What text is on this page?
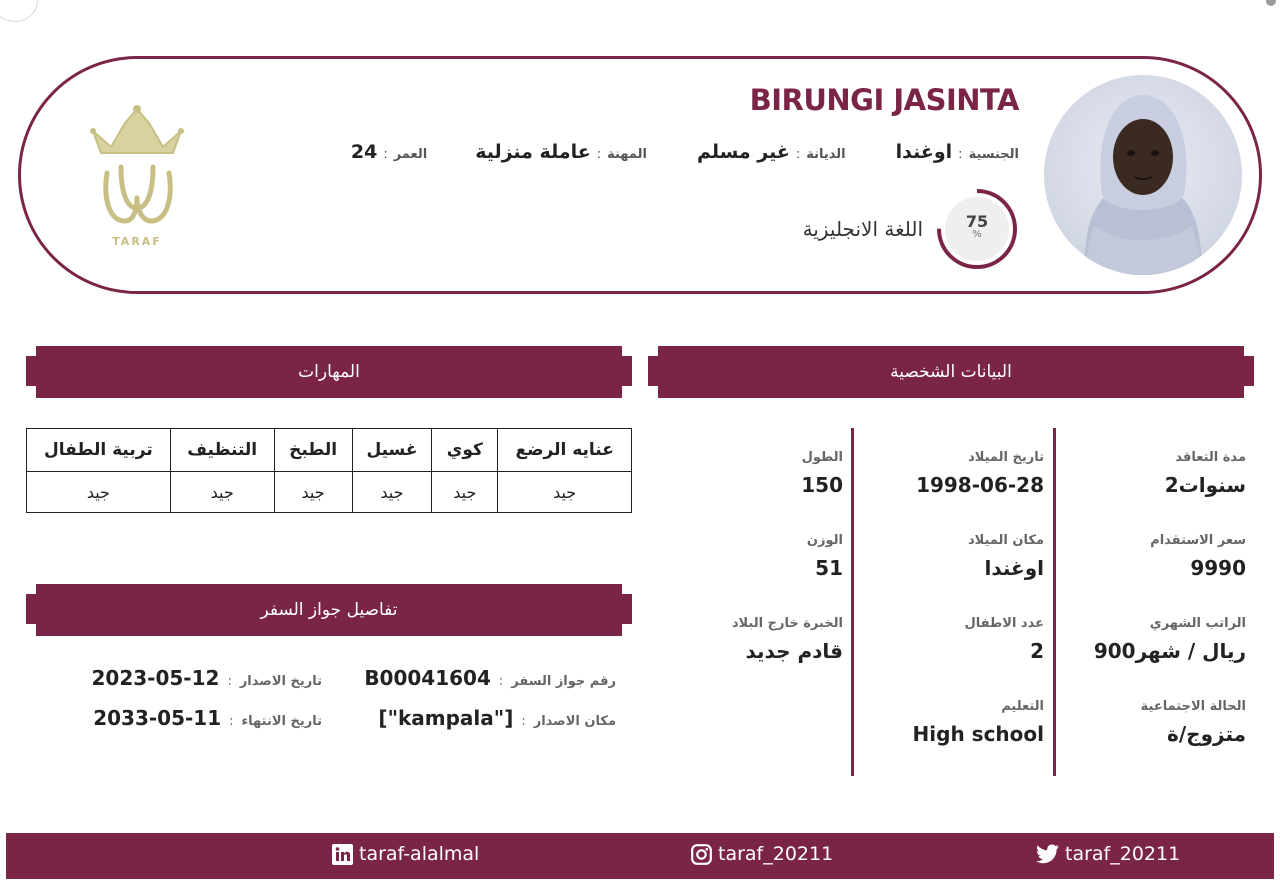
BIRUNGI JASINTA
الجنسية
:
اوغندا
الديانة
:
غير مسلم
المهنة
:
عاملة منزلية
العمر
:
24
75
%
اللغة الانجليزية
TARAF
البيانات الشخصية
المهارات
مدة التعاقد
2سنوات
سعر الاستقدام
9990
الراتب الشهري
900ريال / شهر
الحالة الاجتماعية
متزوج/ة
تاريخ الميلاد
1998-06-28
مكان الميلاد
اوغندا
عدد الاطفال
2
التعليم
High school
الطول
150
الوزن
51
الخبرة خارج البلاد
قادم جديد
عنايه الرضع	كوي	غسيل	الطبخ	التنظيف	تربية الطفال
جيد	جيد	جيد	جيد	جيد	جيد
تفاصيل جواز السفر
رقم جواز السفر
:
B00041604
تاريخ الاصدار
:
2023-05-12
مكان الاصدار
:
["kampala"]
تاريخ الانتهاء
:
2033-05-11
taraf-alalmal	taraf_20211	taraf_20211
